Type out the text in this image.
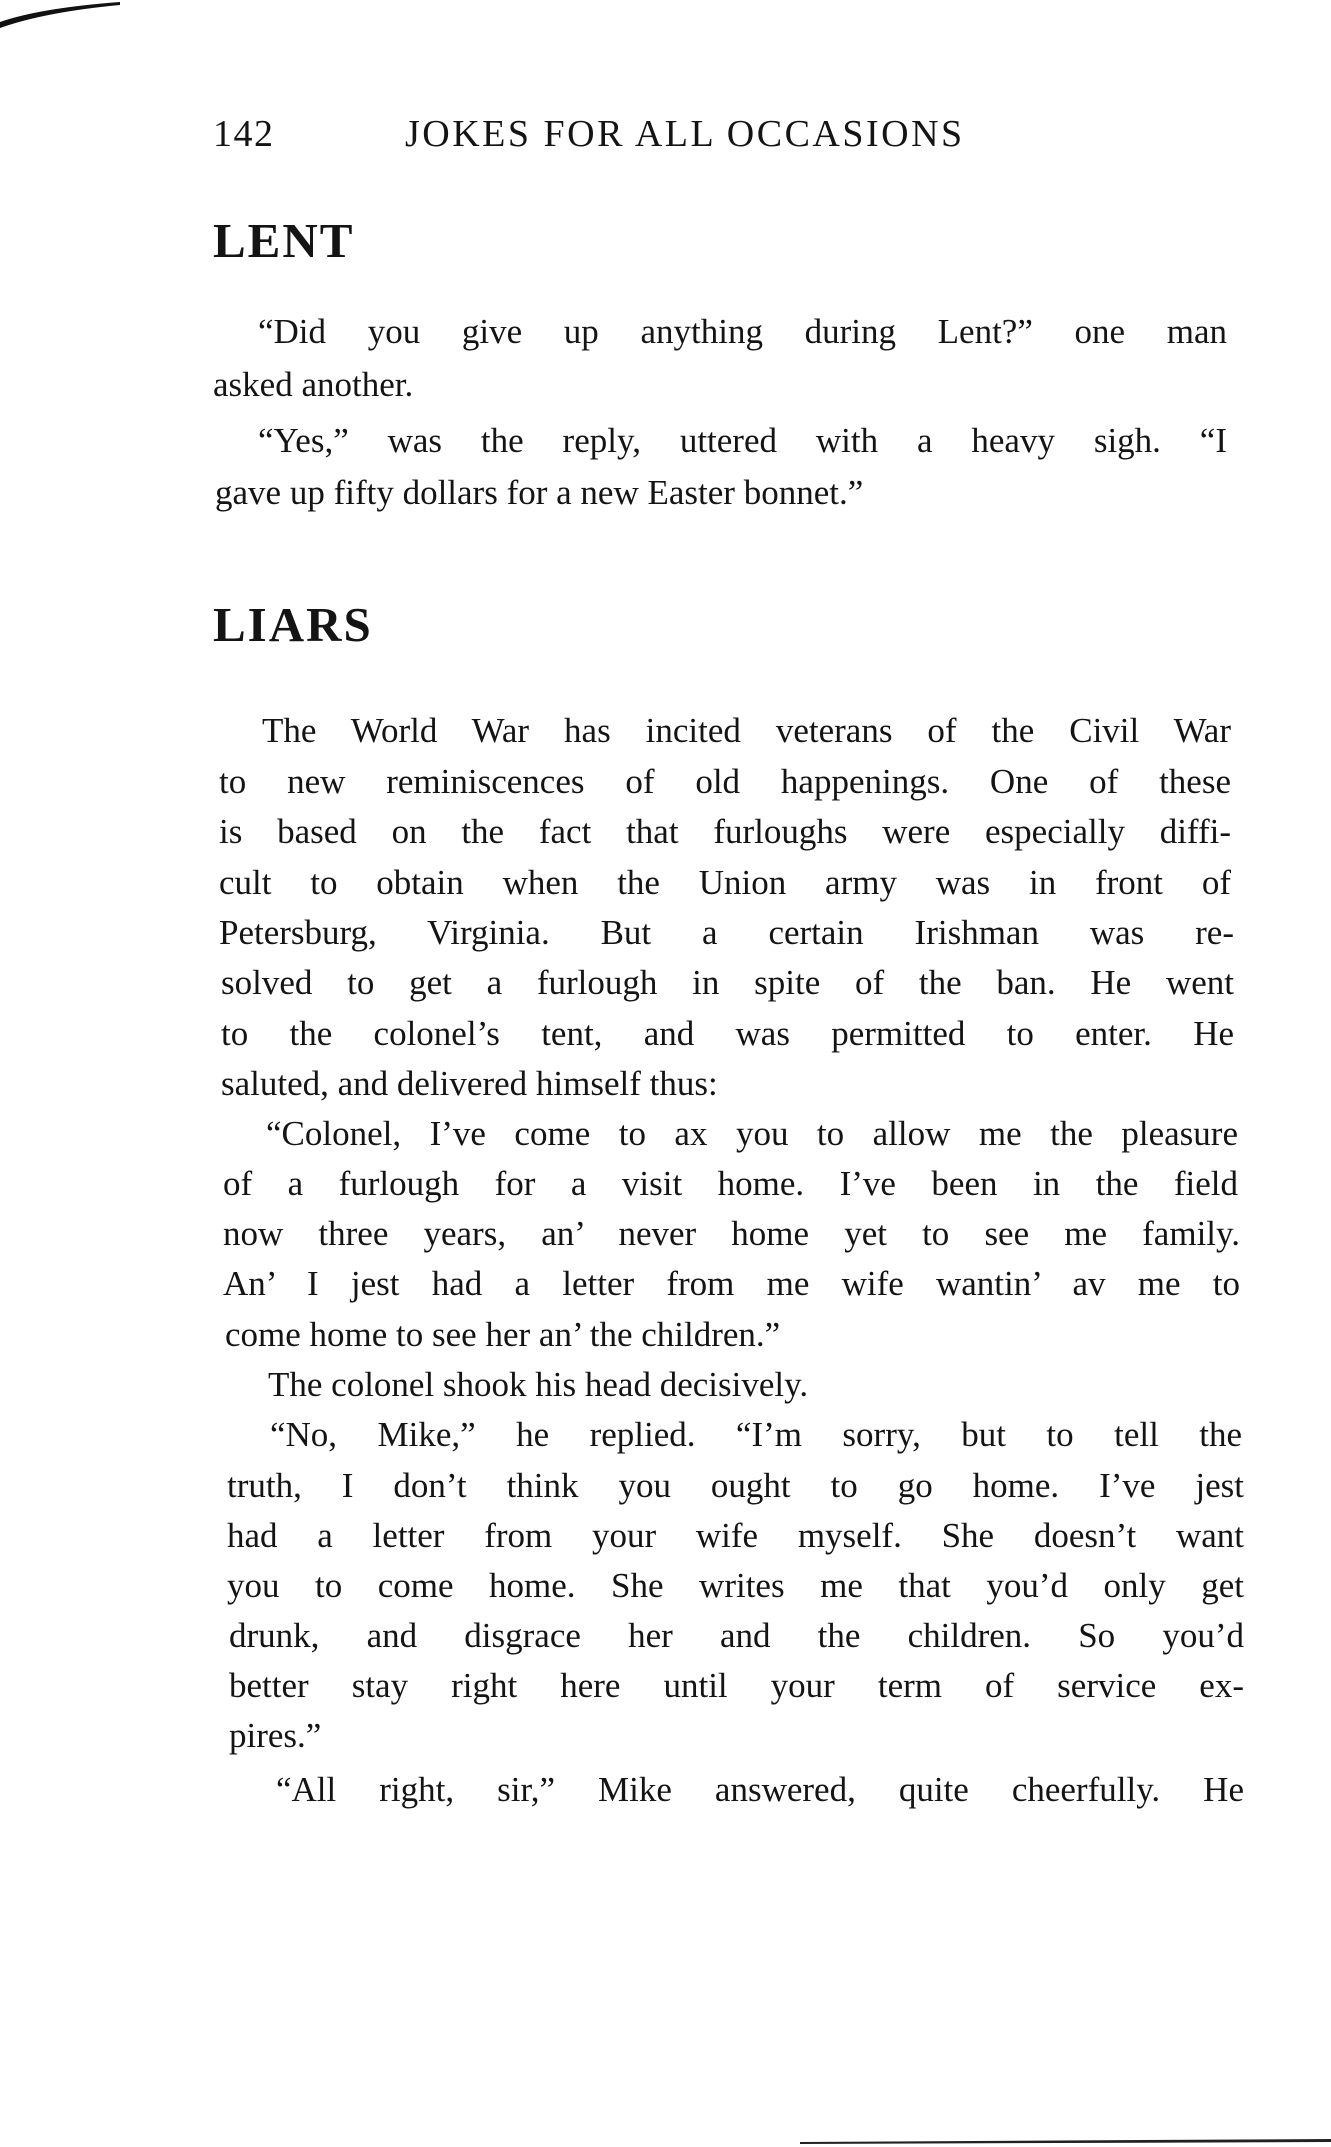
142	JOKES FOR ALL OCCASIONS
LENT

“Did you give up anything during Lent?” one man

asked another.

“Yes,” was the reply, uttered with a heavy sigh. “I

gave up fifty dollars for a new Easter bonnet.”

LIARS

The World War has incited veterans of the Civil War

to new reminiscences of old happenings. One of these

is based on the fact that furloughs were especially diffi-

cult to obtain when the Union army was in front of

Petersburg, Virginia. But a certain Irishman was re-

solved to get a furlough in spite of the ban. He went

to the colonel’s tent, and was permitted to enter. He

saluted, and delivered himself thus:

“Colonel, I’ve come to ax you to allow me the pleasure

of a furlough for a visit home. I’ve been in the field

now three years, an’ never home yet to see me family.

An’ I jest had a letter from me wife wantin’ av me to

come home to see her an’ the children.”

The colonel shook his head decisively.

“No, Mike,” he replied. “I’m sorry, but to tell the

truth, I don’t think you ought to go home. I’ve jest

had a letter from your wife myself. She doesn’t want

you to come home. She writes me that you’d only get

drunk, and disgrace her and the children. So you’d

better stay right here until your term of service ex-

pires.”

“All right, sir,” Mike answered, quite cheerfully. He
